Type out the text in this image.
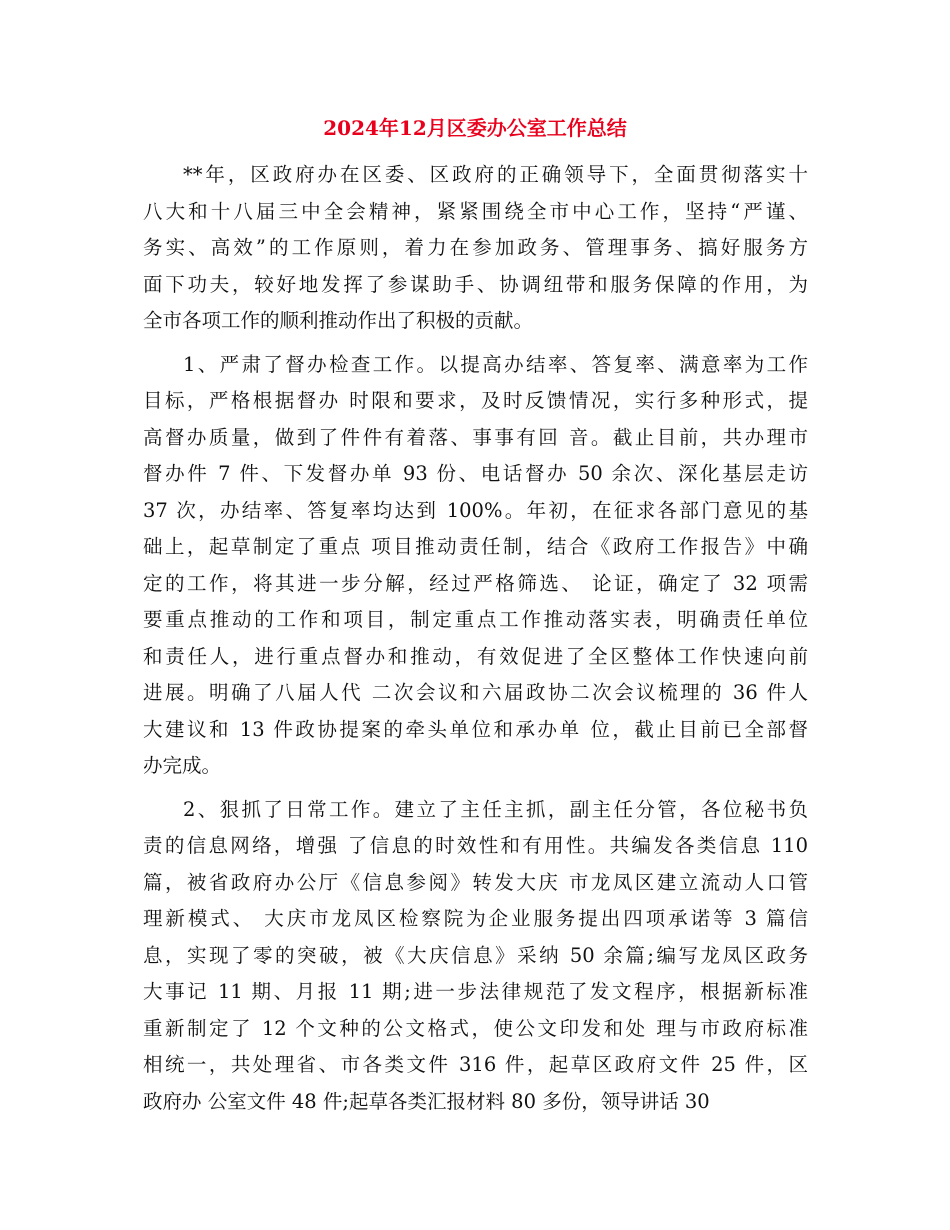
2024年12月区委办公室工作总结
**年，区政府办在区委、区政府的正确领导下，全面贯彻落实十
八大和十八届三中全会精神，紧紧围绕全市中心工作，坚持“严谨、
务实、高效”的工作原则，着力在参加政务、管理事务、搞好服务方
面下功夫，较好地发挥了参谋助手、协调纽带和服务保障的作用，为
全市各项工作的顺利推动作出了积极的贡献。
1、严肃了督办检查工作。以提高办结率、答复率、满意率为工作
目标，严格根据督办 时限和要求，及时反馈情况，实行多种形式，提
高督办质量，做到了件件有着落、事事有回 音。截止目前，共办理市
督办件 7 件、下发督办单 93 份、电话督办 50 余次、深化基层走访
37 次，办结率、答复率均达到 100%。年初，在征求各部门意见的基
础上，起草制定了重点 项目推动责任制，结合《政府工作报告》中确
定的工作，将其进一步分解，经过严格筛选、 论证，确定了 32 项需
要重点推动的工作和项目，制定重点工作推动落实表，明确责任单位
和责任人，进行重点督办和推动，有效促进了全区整体工作快速向前
进展。明确了八届人代 二次会议和六届政协二次会议梳理的 36 件人
大建议和 13 件政协提案的牵头单位和承办单 位，截止目前已全部督
办完成。
2、狠抓了日常工作。建立了主任主抓，副主任分管，各位秘书负
责的信息网络，增强 了信息的时效性和有用性。共编发各类信息 110
篇，被省政府办公厅《信息参阅》转发大庆 市龙凤区建立流动人口管
理新模式、 大庆市龙凤区检察院为企业服务提出四项承诺等 3 篇信
息，实现了零的突破，被《大庆信息》采纳 50 余篇;编写龙凤区政务
大事记 11 期、月报 11 期;进一步法律规范了发文程序，根据新标准
重新制定了 12 个文种的公文格式，使公文印发和处 理与市政府标准
相统一，共处理省、市各类文件 316 件，起草区政府文件 25 件，区
政府办 公室文件 48 件;起草各类汇报材料 80 多份，领导讲话 30
